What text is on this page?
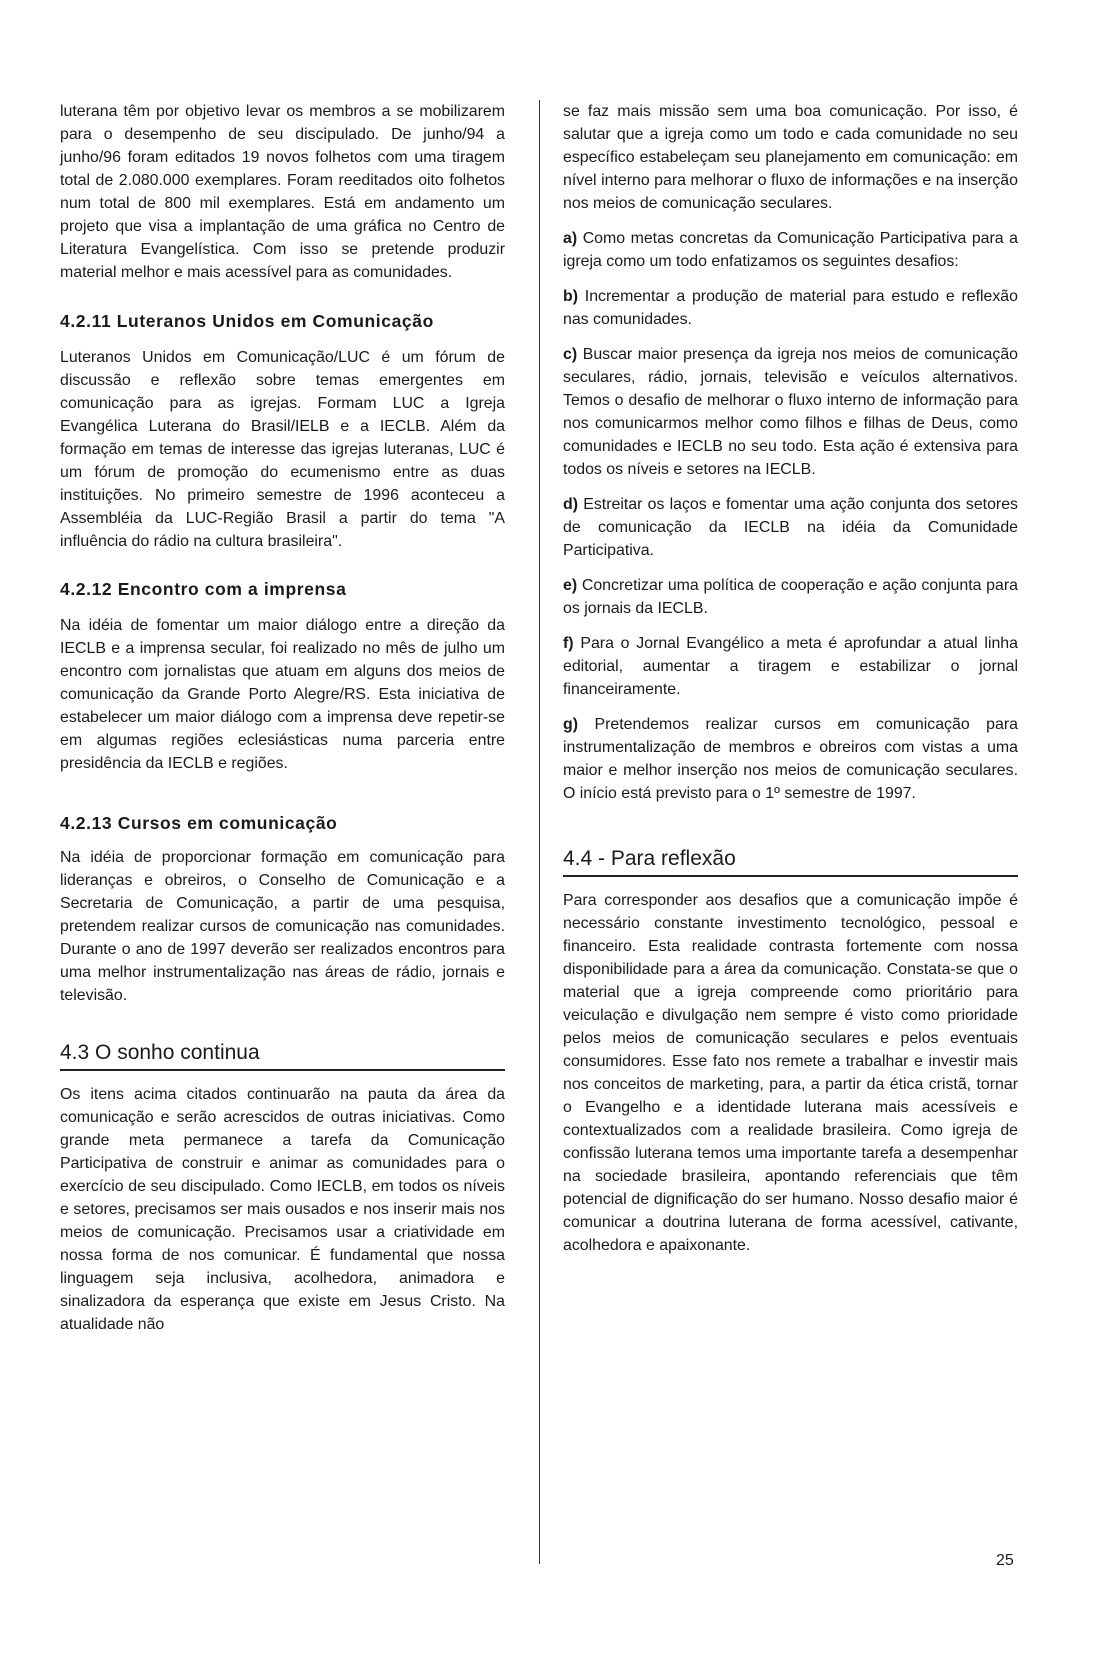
luterana têm por objetivo levar os membros a se mobilizarem para o desempenho de seu discipulado. De junho/94 a junho/96 foram editados 19 novos folhetos com uma tiragem total de 2.080.000 exemplares. Foram reeditados oito folhetos num total de 800 mil exemplares. Está em andamento um projeto que visa a implantação de uma gráfica no Centro de Literatura Evangelística. Com isso se pretende produzir material melhor e mais acessível para as comunidades.

4.2.11 Luteranos Unidos em Comunicação

Luteranos Unidos em Comunicação/LUC é um fórum de discussão e reflexão sobre temas emergentes em comunicação para as igrejas. Formam LUC a Igreja Evangélica Luterana do Brasil/IELB e a IECLB. Além da formação em temas de interesse das igrejas luteranas, LUC é um fórum de promoção do ecumenismo entre as duas instituições. No primeiro semestre de 1996 aconteceu a Assembléia da LUC-Região Brasil a partir do tema "A influência do rádio na cultura brasileira".

4.2.12 Encontro com a imprensa

Na idéia de fomentar um maior diálogo entre a direção da IECLB e a imprensa secular, foi realizado no mês de julho um encontro com jornalistas que atuam em alguns dos meios de comunicação da Grande Porto Alegre/RS. Esta iniciativa de estabelecer um maior diálogo com a imprensa deve repetir-se em algumas regiões eclesiásticas numa parceria entre presidência da IECLB e regiões.

4.2.13 Cursos em comunicação

Na idéia de proporcionar formação em comunicação para lideranças e obreiros, o Conselho de Comunicação e a Secretaria de Comunicação, a partir de uma pesquisa, pretendem realizar cursos de comunicação nas comunidades. Durante o ano de 1997 deverão ser realizados encontros para uma melhor instrumentalização nas áreas de rádio, jornais e televisão.

4.3 O sonho continua

Os itens acima citados continuarão na pauta da área da comunicação e serão acrescidos de outras iniciativas. Como grande meta permanece a tarefa da Comunicação Participativa de construir e animar as comunidades para o exercício de seu discipulado. Como IECLB, em todos os níveis e setores, precisamos ser mais ousados e nos inserir mais nos meios de comunicação. Precisamos usar a criatividade em nossa forma de nos comunicar. É fundamental que nossa linguagem seja inclusiva, acolhedora, animadora e sinalizadora da esperança que existe em Jesus Cristo. Na atualidade não

se faz mais missão sem uma boa comunicação. Por isso, é salutar que a igreja como um todo e cada comunidade no seu específico estabeleçam seu planejamento em comunicação: em nível interno para melhorar o fluxo de informações e na inserção nos meios de comunicação seculares.

a) Como metas concretas da Comunicação Participativa para a igreja como um todo enfatizamos os seguintes desafios:

b) Incrementar a produção de material para estudo e reflexão nas comunidades.

c) Buscar maior presença da igreja nos meios de comunicação seculares, rádio, jornais, televisão e veículos alternativos. Temos o desafio de melhorar o fluxo interno de informação para nos comunicarmos melhor como filhos e filhas de Deus, como comunidades e IECLB no seu todo. Esta ação é extensiva para todos os níveis e setores na IECLB.

d) Estreitar os laços e fomentar uma ação conjunta dos setores de comunicação da IECLB na idéia da Comunidade Participativa.

e) Concretizar uma política de cooperação e ação conjunta para os jornais da IECLB.

f) Para o Jornal Evangélico a meta é aprofundar a atual linha editorial, aumentar a tiragem e estabilizar o jornal financeiramente.

g) Pretendemos realizar cursos em comunicação para instrumentalização de membros e obreiros com vistas a uma maior e melhor inserção nos meios de comunicação seculares. O início está previsto para o 1º semestre de 1997.

4.4 - Para reflexão

Para corresponder aos desafios que a comunicação impõe é necessário constante investimento tecnológico, pessoal e financeiro. Esta realidade contrasta fortemente com nossa disponibilidade para a área da comunicação. Constata-se que o material que a igreja compreende como prioritário para veiculação e divulgação nem sempre é visto como prioridade pelos meios de comunicação seculares e pelos eventuais consumidores. Esse fato nos remete a trabalhar e investir mais nos conceitos de marketing, para, a partir da ética cristã, tornar o Evangelho e a identidade luterana mais acessíveis e contextualizados com a realidade brasileira. Como igreja de confissão luterana temos uma importante tarefa a desempenhar na sociedade brasileira, apontando referenciais que têm potencial de dignificação do ser humano. Nosso desafio maior é comunicar a doutrina luterana de forma acessível, cativante, acolhedora e apaixonante.

25
